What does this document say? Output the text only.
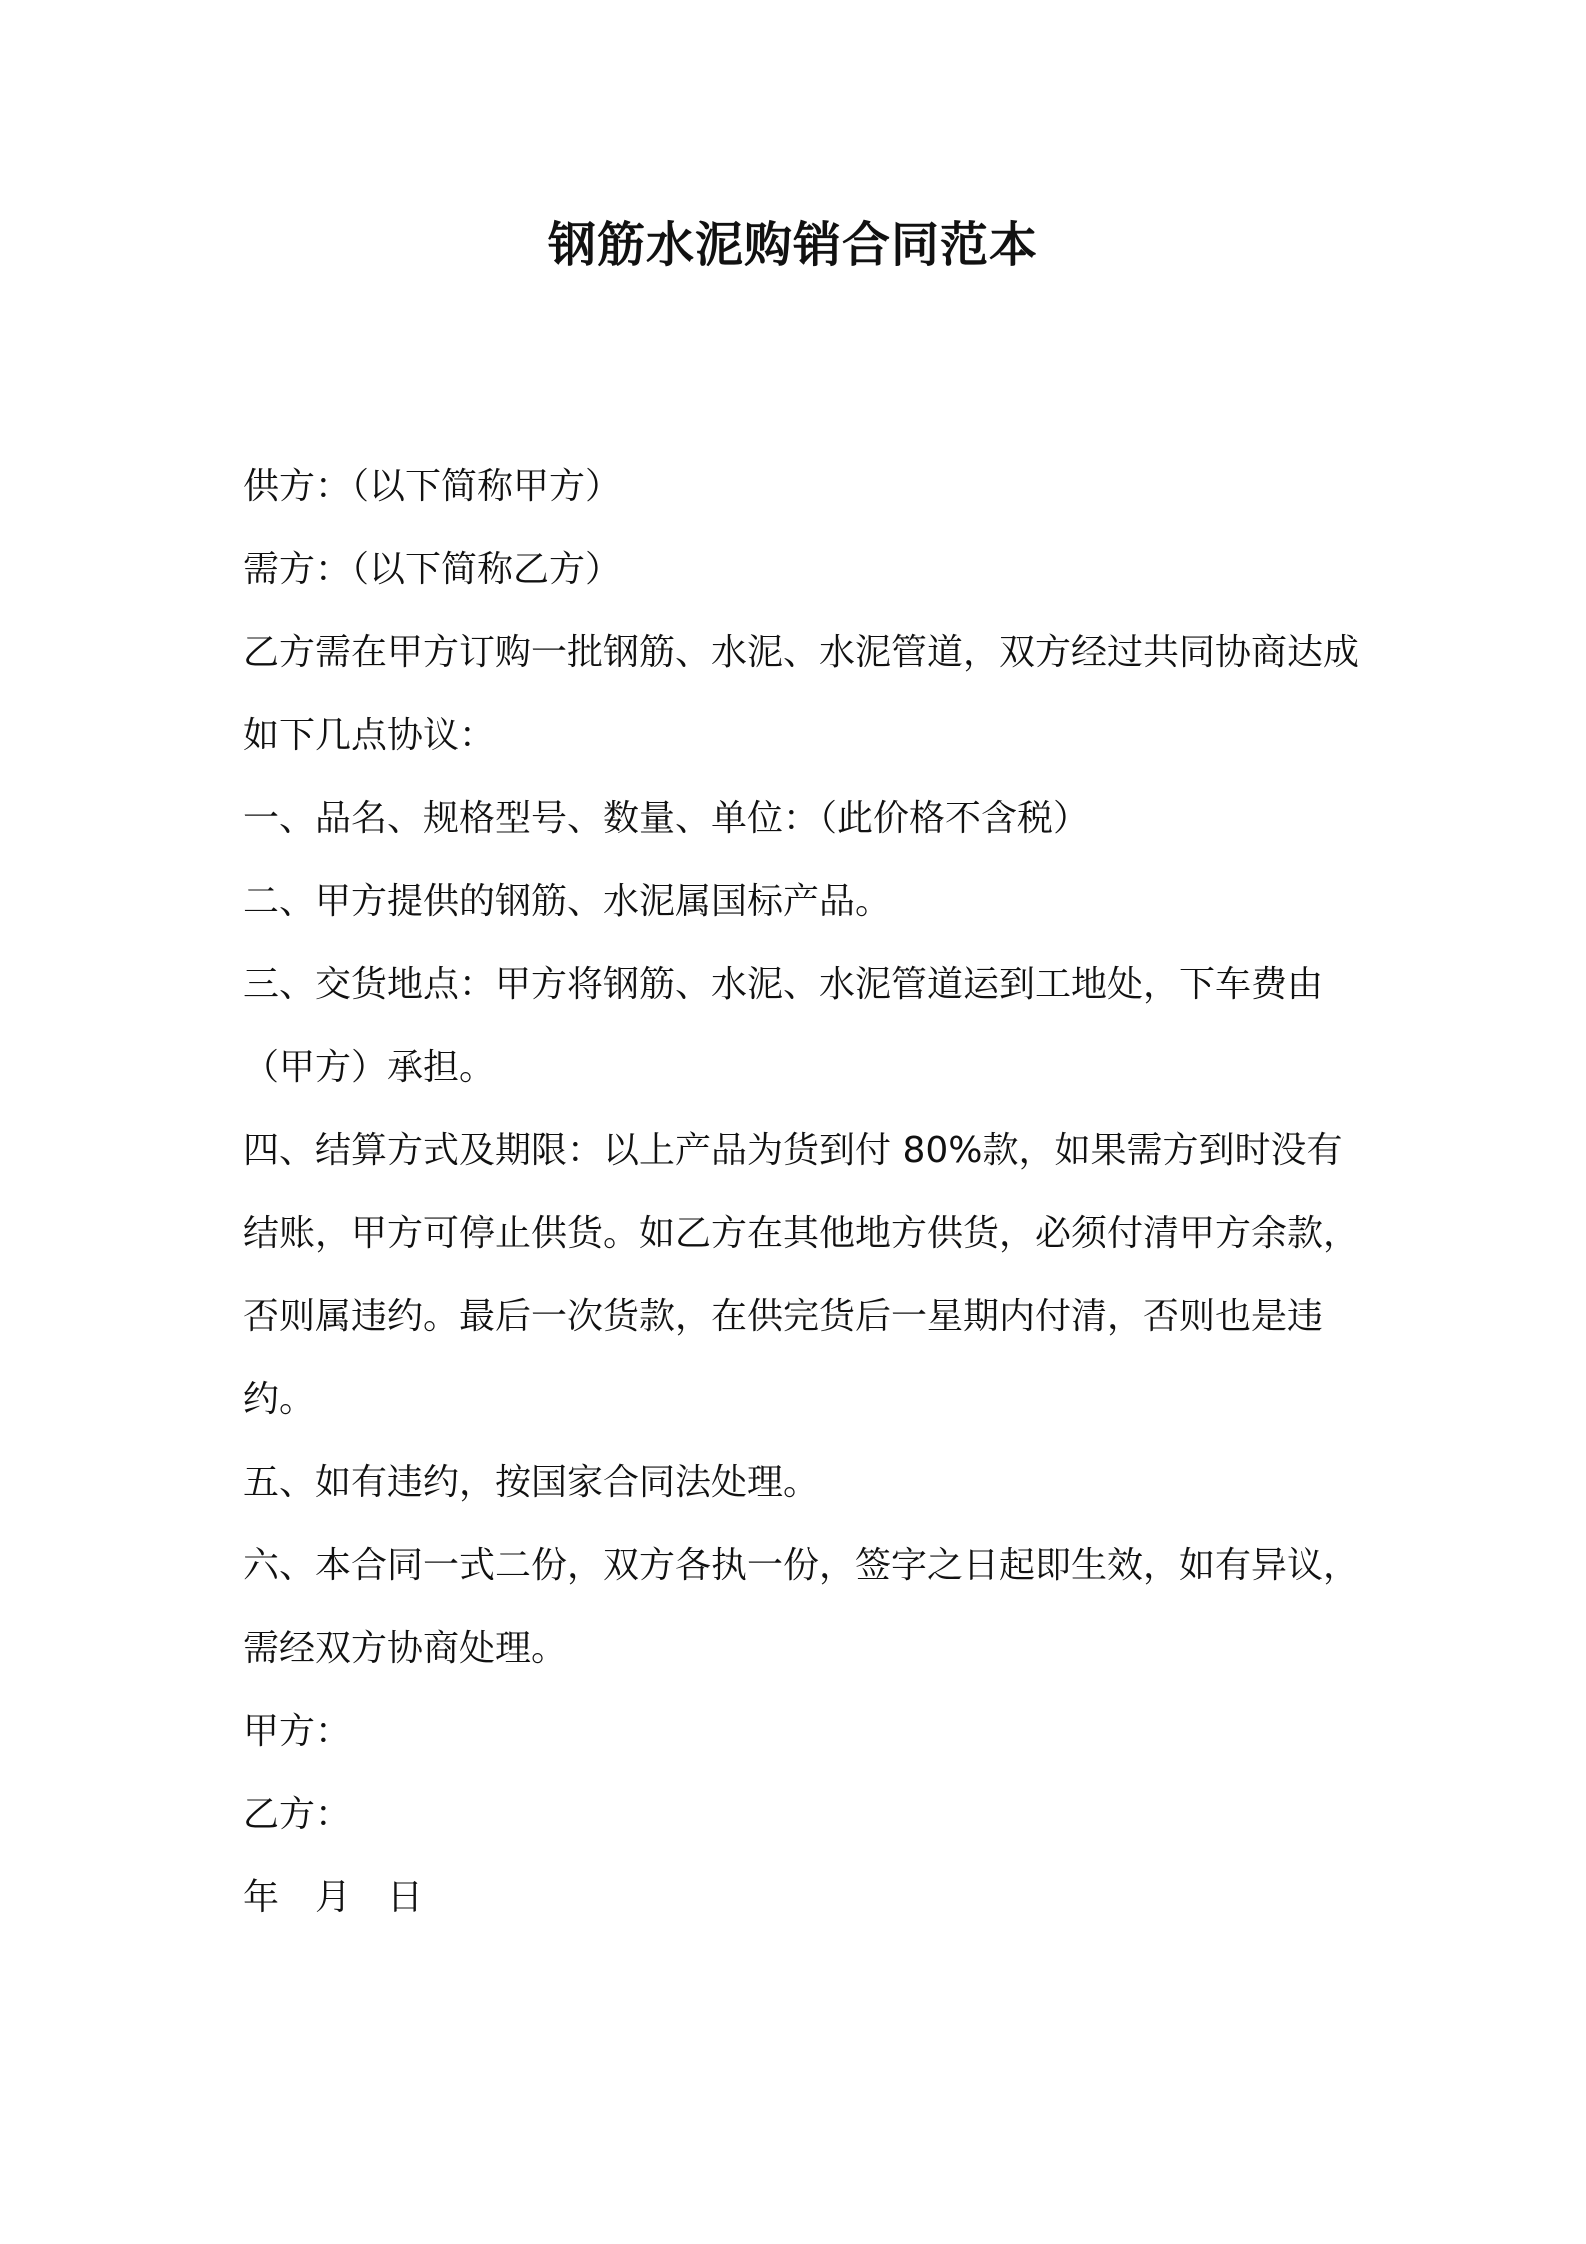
钢筋水泥购销合同范本

供方：（以下简称甲方）

需方：（以下简称乙方）

乙方需在甲方订购一批钢筋、水泥、水泥管道，双方经过共同协商达成如下几点协议：

一、品名、规格型号、数量、单位：（此价格不含税）

二、甲方提供的钢筋、水泥属国标产品。

三、交货地点：甲方将钢筋、水泥、水泥管道运到工地处，下车费由（甲方）承担。

四、结算方式及期限：以上产品为货到付 80%款，如果需方到时没有结账，甲方可停止供货。如乙方在其他地方供货，必须付清甲方余款，否则属违约。最后一次货款，在供完货后一星期内付清，否则也是违约。

五、如有违约，按国家合同法处理。

六、本合同一式二份，双方各执一份，签字之日起即生效，如有异议，需经双方协商处理。

甲方：

乙方：

年　月　日
